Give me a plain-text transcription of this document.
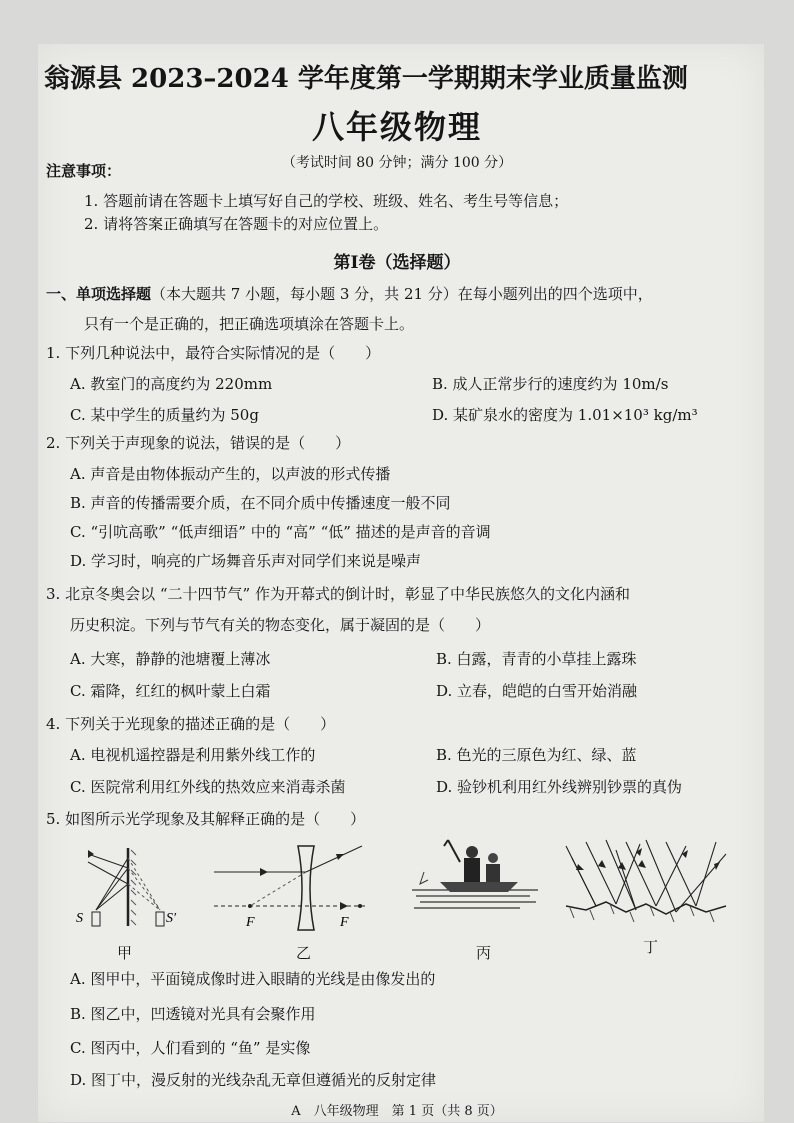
翁源县 2023–2024 学年度第一学期期末学业质量监测
八年级物理
（考试时间 80 分钟；满分 100 分）
注意事项：
1. 答题前请在答题卡上填写好自己的学校、班级、姓名、考生号等信息；
2. 请将答案正确填写在答题卡的对应位置上。
第Ⅰ卷（选择题）
一、单项选择题（本大题共 7 小题，每小题 3 分，共 21 分）在每小题列出的四个选项中，
只有一个是正确的，把正确选项填涂在答题卡上。
1. 下列几种说法中，最符合实际情况的是（　　）
A. 教室门的高度约为 220mm	B. 成人正常步行的速度约为 10m/s
C. 某中学生的质量约为 50g	D. 某矿泉水的密度为 1.01×10³ kg/m³
2. 下列关于声现象的说法，错误的是（　　）
A. 声音是由物体振动产生的，以声波的形式传播
B. 声音的传播需要介质，在不同介质中传播速度一般不同
C. “引吭高歌” “低声细语” 中的 “高” “低” 描述的是声音的音调
D. 学习时，响亮的广场舞音乐声对同学们来说是噪声
3. 北京冬奥会以 “二十四节气” 作为开幕式的倒计时，彰显了中华民族悠久的文化内涵和
历史积淀。下列与节气有关的物态变化，属于凝固的是（　　）
A. 大寒，静静的池塘覆上薄冰	B. 白露，青青的小草挂上露珠
C. 霜降，红红的枫叶蒙上白霜	D. 立春，皑皑的白雪开始消融
4. 下列关于光现象的描述正确的是（　　）
A. 电视机遥控器是利用紫外线工作的	B. 色光的三原色为红、绿、蓝
C. 医院常利用红外线的热效应来消毒杀菌	D. 验钞机利用红外线辨别钞票的真伪
5. 如图所示光学现象及其解释正确的是（　　）
S	S′	F	F
甲	乙	丙	丁
A. 图甲中，平面镜成像时进入眼睛的光线是由像发出的
B. 图乙中，凹透镜对光具有会聚作用
C. 图丙中，人们看到的 “鱼” 是实像
D. 图丁中，漫反射的光线杂乱无章但遵循光的反射定律
A　八年级物理　第 1 页（共 8 页）
